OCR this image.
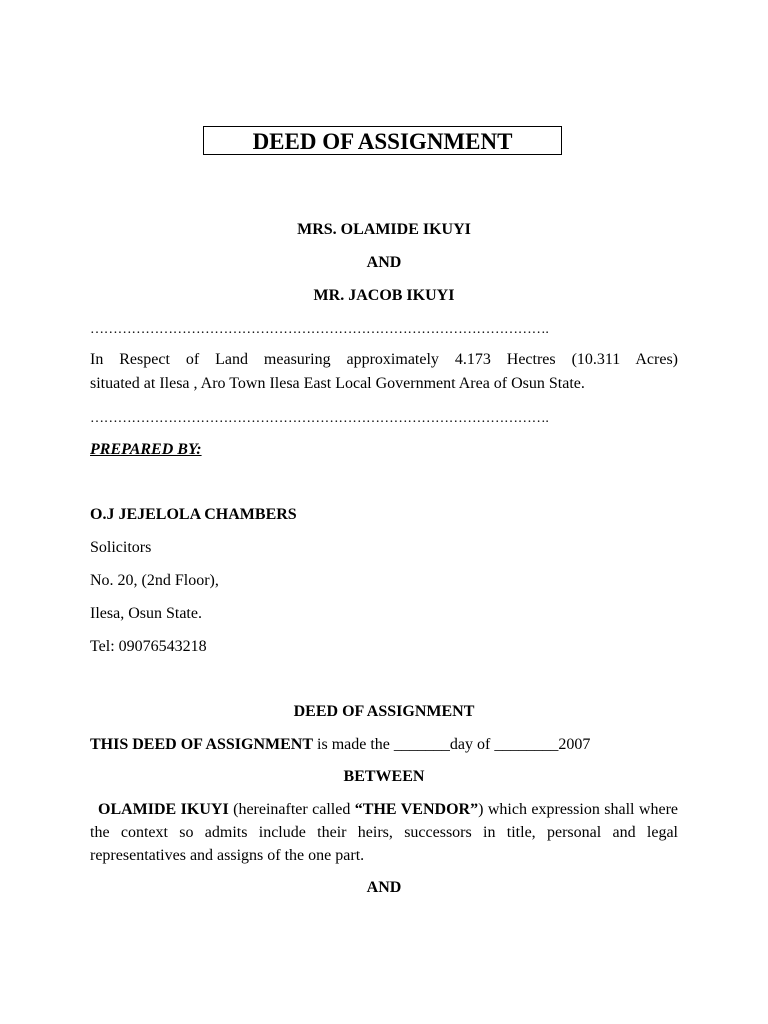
DEED OF ASSIGNMENT
MRS. OLAMIDE IKUYI
AND
MR. JACOB IKUYI
……………………………………………………………………………………….
In Respect of Land measuring approximately 4.173 Hectres (10.311 Acres)
situated at Ilesa , Aro Town Ilesa East Local Government Area of Osun State.
……………………………………………………………………………………….
PREPARED BY:
O.J JEJELOLA CHAMBERS
Solicitors
No. 20, (2nd Floor),
Ilesa, Osun State.
Tel: 09076543218
DEED OF ASSIGNMENT
THIS DEED OF ASSIGNMENT is made the _______day of ________2007
BETWEEN
OLAMIDE IKUYI (hereinafter called “THE VENDOR”) which expression shall where the context so admits include their heirs, successors in title, personal and legal representatives and assigns of the one part.
AND
